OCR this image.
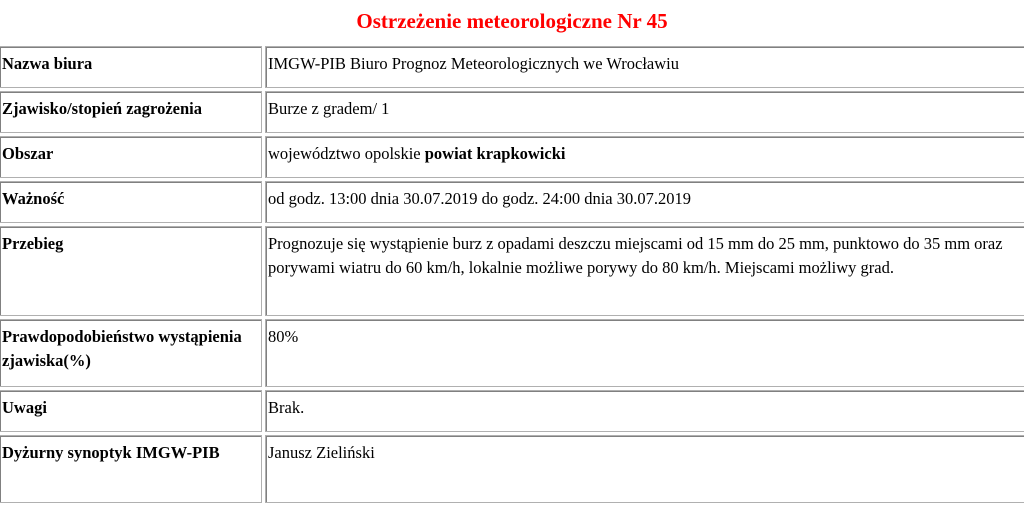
Ostrzeżenie meteorologiczne Nr 45
Nazwa biura	IMGW-PIB Biuro Prognoz Meteorologicznych we Wrocławiu
Zjawisko/stopień zagrożenia	Burze z gradem/ 1
Obszar	województwo opolskie powiat krapkowicki
Ważność	od godz. 13:00 dnia 30.07.2019 do godz. 24:00 dnia 30.07.2019
Przebieg	Prognozuje się wystąpienie burz z opadami deszczu miejscami od 15 mm do 25 mm, punktowo do 35 mm oraz porywami wiatru do 60 km/h, lokalnie możliwe porywy do 80 km/h. Miejscami możliwy grad.
Prawdopodobieństwo wystąpienia zjawiska(%)	80%
Uwagi	Brak.
Dyżurny synoptyk IMGW-PIB	Janusz Zieliński
